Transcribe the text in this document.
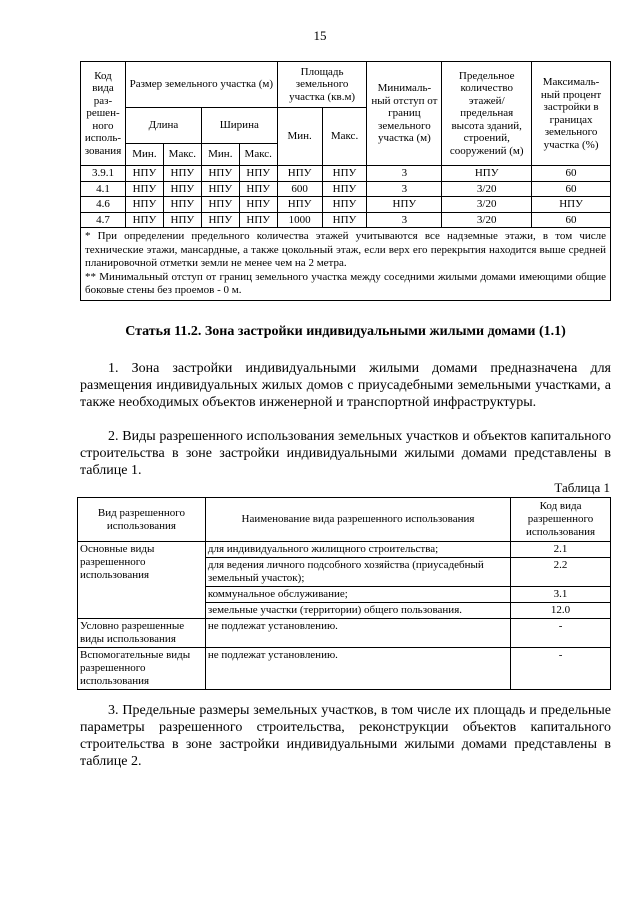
15
Код вида раз-решен-ного исполь-зования	Размер земельного участка (м)				Площадь земельного участка (кв.м)		Минималь-ный отступ от границ земельного участка (м)	Предельное количество этажей/ предельная высота зданий, строений, сооружений (м)	Максималь-ный процент застройки в границах земельного участка (%)
	Длина		Ширина		Мин.	Макс.			
	Мин.	Макс.	Мин.	Макс.					
3.9.1	НПУ	НПУ	НПУ	НПУ	НПУ	НПУ	3	НПУ	60
4.1	НПУ	НПУ	НПУ	НПУ	600	НПУ	3	3/20	60
4.6	НПУ	НПУ	НПУ	НПУ	НПУ	НПУ	НПУ	3/20	НПУ
4.7	НПУ	НПУ	НПУ	НПУ	1000	НПУ	3	3/20	60

* При определении предельного количества этажей учитываются все надземные этажи, в том числе технические этажи, мансардные, а также цокольный этаж, если верх его перекрытия находится выше средней планировочной отметки земли не менее чем на 2 метра.
** Минимальный отступ от границ земельного участка между соседними жилыми домами имеющими общие боковые стены без проемов - 0 м.									
Статья 11.2. Зона застройки индивидуальными жилыми домами (1.1)
1. Зона застройки индивидуальными жилыми домами предназначена для размещения индивидуальных жилых домов с приусадебными земельными участками, а также необходимых объектов инженерной и транспортной инфраструктуры.
2. Виды разрешенного использования земельных участков и объектов капитального строительства в зоне застройки индивидуальными жилыми домами представлены в таблице 1.
Таблица 1
Вид разрешенного использования	Наименование вида разрешенного использования	Код вида разрешенного использования
Основные виды разрешенного использования	для индивидуального жилищного строительства;	2.1
	для ведения личного подсобного хозяйства (приусадебный земельный участок);	2.2
	коммунальное обслуживание;	3.1
	земельные участки (территории) общего пользования.	12.0
Условно разрешенные виды использования	не подлежат установлению.	-
Вспомогательные виды разрешенного использования	не подлежат установлению.	-
3. Предельные размеры земельных участков, в том числе их площадь и предельные параметры разрешенного строительства, реконструкции объектов капитального строительства в зоне застройки индивидуальными жилыми домами представлены в таблице 2.
